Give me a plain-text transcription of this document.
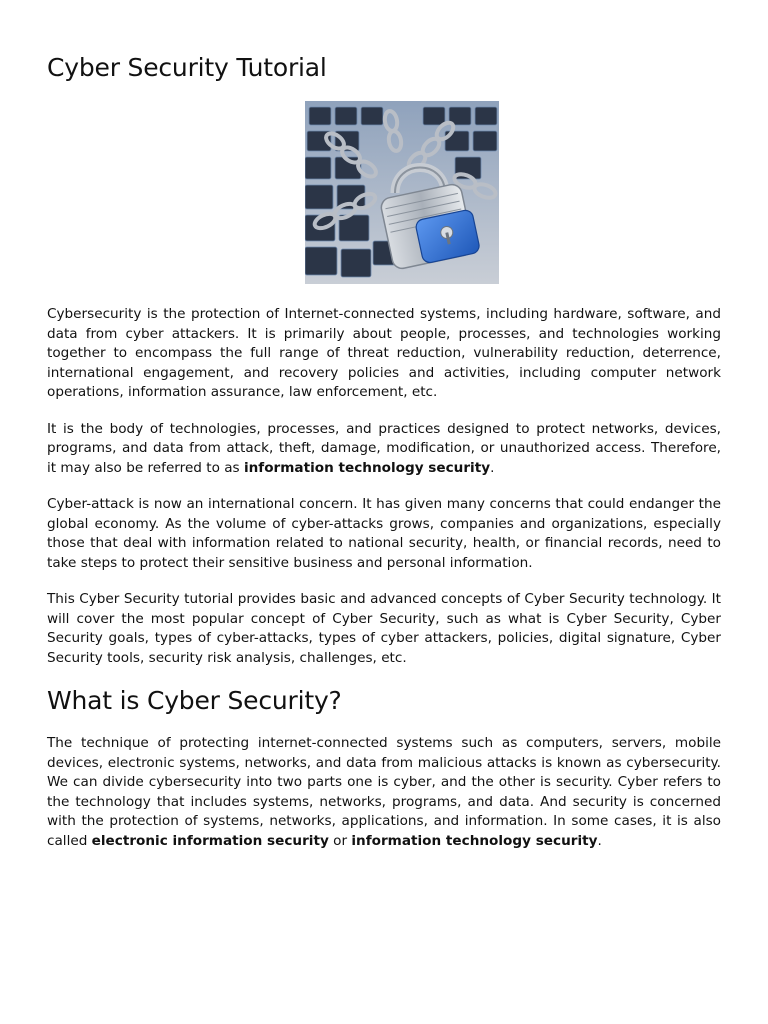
Cyber Security Tutorial

Cybersecurity is the protection of Internet-connected systems, including hardware, software, and data from cyber attackers. It is primarily about people, processes, and technologies working together to encompass the full range of threat reduction, vulnerability reduction, deterrence, international engagement, and recovery policies and activities, including computer network operations, information assurance, law enforcement, etc.

It is the body of technologies, processes, and practices designed to protect networks, devices, programs, and data from attack, theft, damage, modification, or unauthorized access. Therefore, it may also be referred to as information technology security.

Cyber-attack is now an international concern. It has given many concerns that could endanger the global economy. As the volume of cyber-attacks grows, companies and organizations, especially those that deal with information related to national security, health, or financial records, need to take steps to protect their sensitive business and personal information.

This Cyber Security tutorial provides basic and advanced concepts of Cyber Security technology. It will cover the most popular concept of Cyber Security, such as what is Cyber Security, Cyber Security goals, types of cyber-attacks, types of cyber attackers, policies, digital signature, Cyber Security tools, security risk analysis, challenges, etc.

What is Cyber Security?

The technique of protecting internet-connected systems such as computers, servers, mobile devices, electronic systems, networks, and data from malicious attacks is known as cybersecurity. We can divide cybersecurity into two parts one is cyber, and the other is security. Cyber refers to the technology that includes systems, networks, programs, and data. And security is concerned with the protection of systems, networks, applications, and information. In some cases, it is also called electronic information security or information technology security.
